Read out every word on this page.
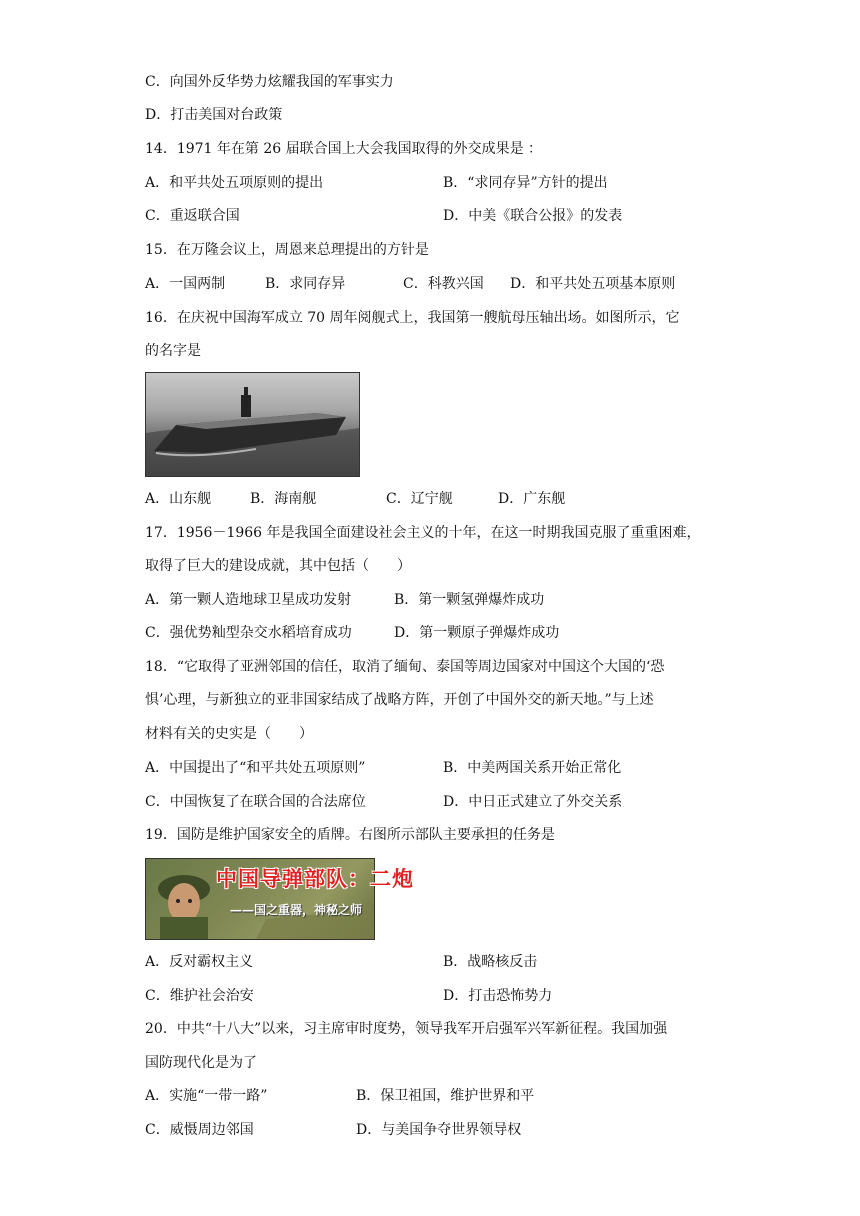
C．向国外反华势力炫耀我国的军事实力
D．打击美国对台政策
14．1971 年在第 26 届联合国上大会我国取得的外交成果是 ：
A．和平共处五项原则的提出	B．“求同存异”方针的提出
C．重返联合国	D．中美《联合公报》的发表
15．在万隆会议上，周恩来总理提出的方针是
A．一国两制	B．求同存异	C．科教兴国 D．和平共处五项基本原则
16．在庆祝中国海军成立 70 周年阅舰式上，我国第一艘航母压轴出场。如图所示，它
的名字是
A．山东舰	B．海南舰	C．辽宁舰	D．广东舰
17．1956－1966 年是我国全面建设社会主义的十年，在这一时期我国克服了重重困难，
取得了巨大的建设成就，其中包括（　　）
A．第一颗人造地球卫星成功发射	B．第一颗氢弹爆炸成功
C．强优势籼型杂交水稻培育成功	D．第一颗原子弹爆炸成功
18．“它取得了亚洲邻国的信任，取消了缅甸、泰国等周边国家对中国这个大国的‘恐
惧’心理，与新独立的亚非国家结成了战略方阵，开创了中国外交的新天地。”与上述
材料有关的史实是（　　）
A．中国提出了“和平共处五项原则”	B．中美两国关系开始正常化
C．中国恢复了在联合国的合法席位	D．中日正式建立了外交关系
19．国防是维护国家安全的盾牌。右图所示部队主要承担的任务是
中国导弹部队：二炮
——国之重器，神秘之师
A．反对霸权主义	B．战略核反击
C．维护社会治安	D．打击恐怖势力
20．中共“十八大”以来，习主席审时度势，领导我军开启强军兴军新征程。我国加强
国防现代化是为了
A．实施“一带一路”	B．保卫祖国，维护世界和平
C．威慑周边邻国	D．与美国争夺世界领导权
